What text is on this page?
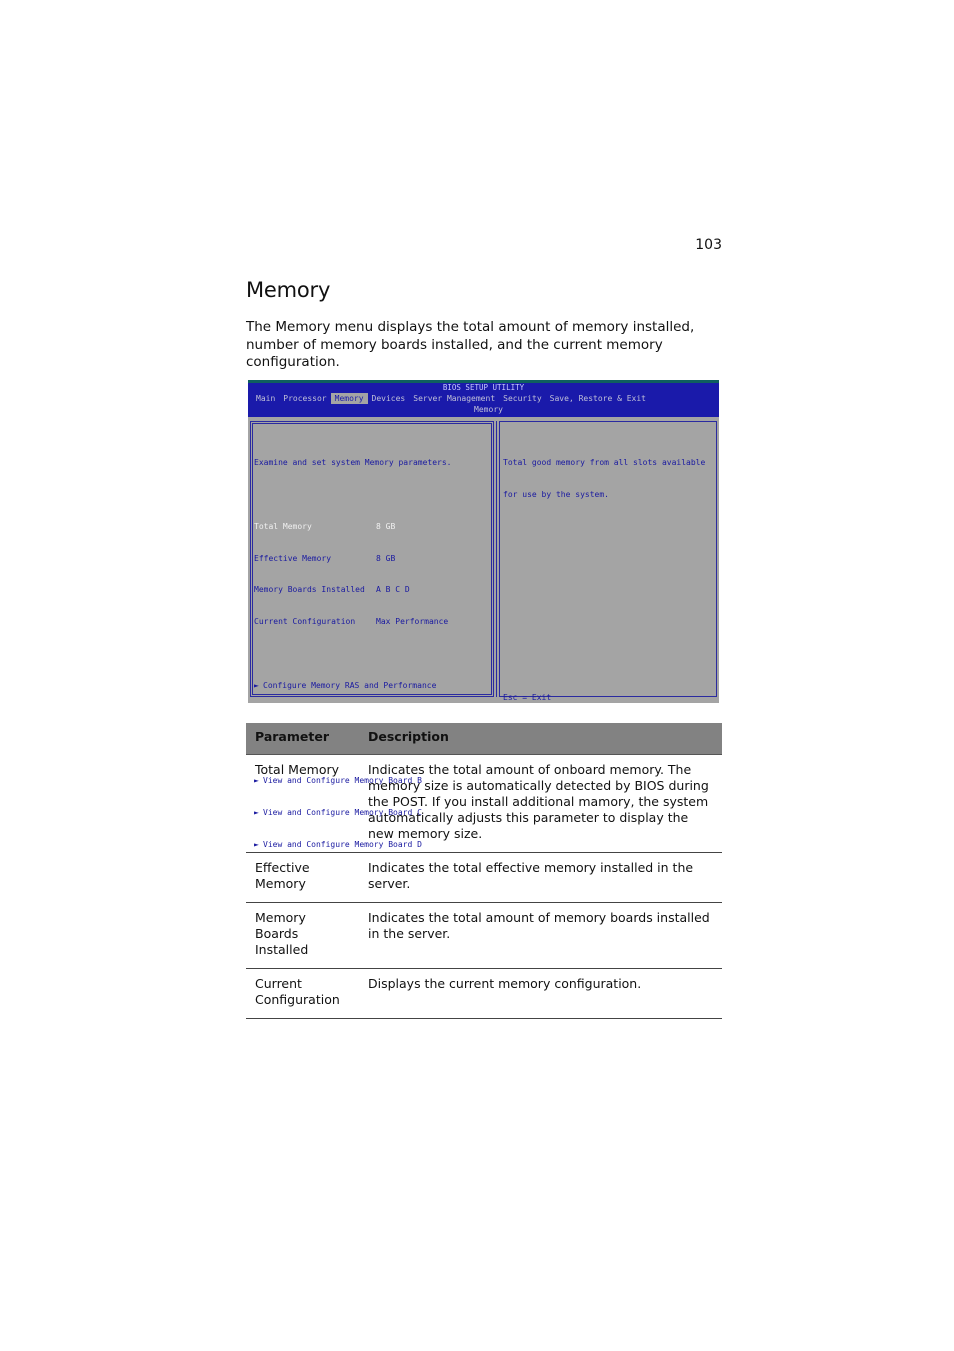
103
Memory

The Memory menu displays the total amount of memory installed, number of memory boards installed, and the current memory configuration.

BIOS SETUP UTILITY
Main	Processor	Memory	Devices	Server Management	Security	Save, Restore & Exit
Memory

Examine and set system Memory parameters.

Total Memory	8 GB

Effective Memory	8 GB

Memory Boards Installed	A B C D

Current Configuration	Max Performance

► Configure Memory RAS and Performance

► View and Configure Memory Board B

► View and Configure Memory Board C

► View and Configure Memory Board D

Total good memory from all slots available

for use by the system.

Esc = Exit

Parameter	Description
Total Memory	Indicates the total amount of onboard memory. The memory size is automatically detected by BIOS during the POST. If you install additional mamory, the system automatically adjusts this parameter to display the new memory size.
Effective Memory	Indicates the total effective memory installed in the server.
Memory Boards Installed	Indicates the total amount of memory boards installed in the server.
Current Configuration	Displays the current memory configuration.
